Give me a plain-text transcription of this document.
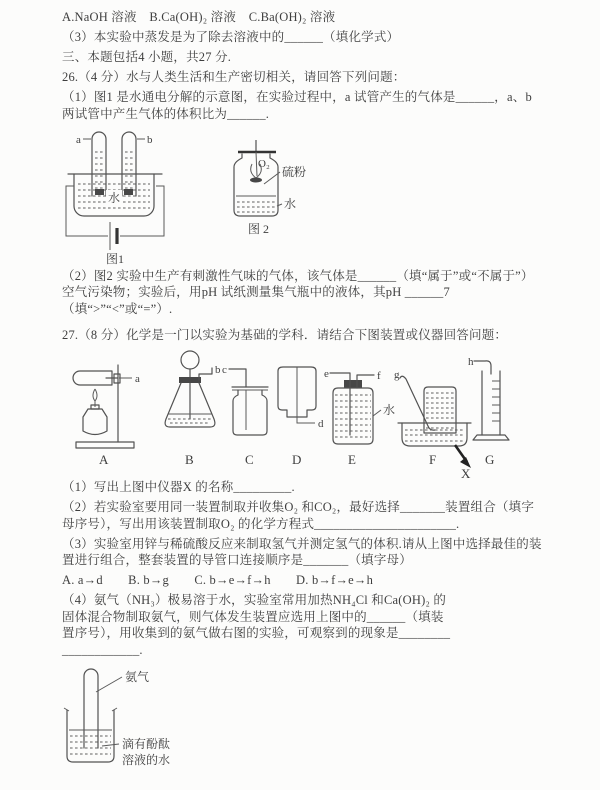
A.NaOH 溶液　B.Ca(OH)₂ 溶液　C.Ba(OH)₂ 溶液

（3）本实验中蒸发是为了除去溶液中的______（填化学式）

三、本题包括4 小题，共27 分.

26.（4 分）水与人类生活和生产密切相关，请回答下列问题：

（1）图1 是水通电分解的示意图，在实验过程中，a 试管产生的气体是______，a、b 两试管中产生气体的体积比为______.

a	b
水
图1
O₂
硫粉
水
图 2

（2）图2 实验中生产有刺激性气味的气体，该气体是______（填“属于”或“不属于”）空气污染物；实验后，用pH 试纸测量集气瓶中的液体，其pH ______7（填“>”“<”或“=”）.

27.（8 分）化学是一门以实验为基础的学科．请结合下图装置或仪器回答问题：

a
b c
d
e	f
水
g
h
A	B	C	D	E	F	G
X

（1）写出上图中仪器X 的名称_________.

（2）若实验室要用同一装置制取并收集O₂ 和CO₂，最好选择_______装置组合（填字母序号），写出用该装置制取O₂ 的化学方程式______________________.

（3）实验室用锌与稀硫酸反应来制取氢气并测定氢气的体积.请从上图中选择最佳的装置进行组合，整套装置的导管口连接顺序是_______（填字母）

A. a→d　　B. b→g　　C. b→e→f→h　　D. b→f→e→h

（4）氨气（NH₃）极易溶于水，实验室常用加热NH₄Cl 和Ca(OH)₂ 的固体混合物制取氨气，则气体发生装置应选用上图中的______（填装置序号），用收集到的氨气做右图的实验，可观察到的现象是____________________.

氨气
滴有酚酞
溶液的水
